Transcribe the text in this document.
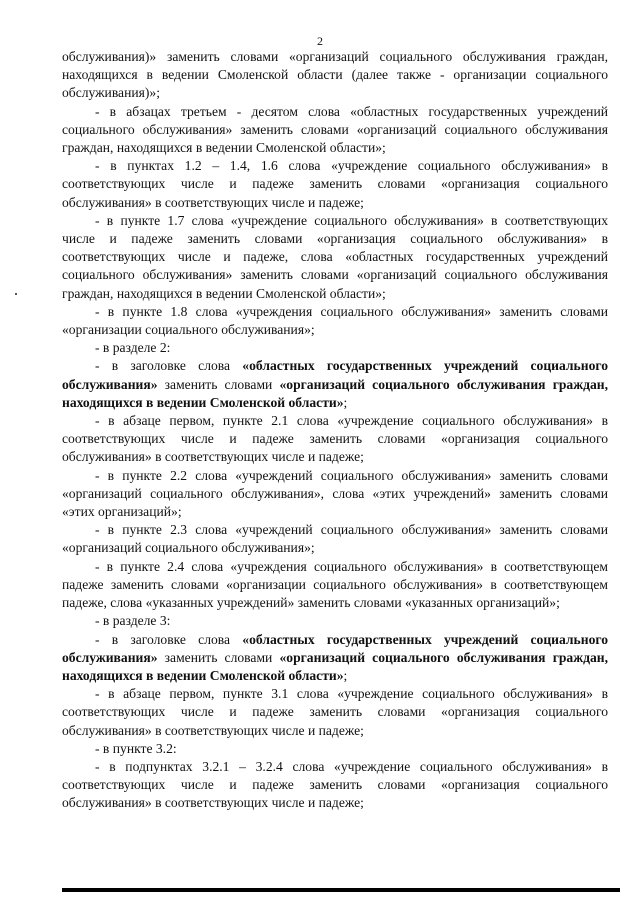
2

обслуживания)» заменить словами «организаций социального обслуживания граждан, находящихся в ведении Смоленской области (далее также - организации социального обслуживания)»;

- в абзацах третьем - десятом слова «областных государственных учреждений социального обслуживания» заменить словами «организаций социального обслуживания граждан, находящихся в ведении Смоленской области»;

- в пунктах 1.2 – 1.4, 1.6 слова «учреждение социального обслуживания» в соответствующих числе и падеже заменить словами «организация социального обслуживания» в соответствующих числе и падеже;

- в пункте 1.7 слова «учреждение социального обслуживания» в соответствующих числе и падеже заменить словами «организация социального обслуживания» в соответствующих числе и падеже, слова «областных государственных учреждений социального обслуживания» заменить словами «организаций социального обслуживания граждан, находящихся в ведении Смоленской области»;

- в пункте 1.8 слова «учреждения социального обслуживания» заменить словами «организации социального обслуживания»;

- в разделе 2:

- в заголовке слова «областных государственных учреждений социального обслуживания» заменить словами «организаций социального обслуживания граждан, находящихся в ведении Смоленской области»;

- в абзаце первом, пункте 2.1 слова «учреждение социального обслуживания» в соответствующих числе и падеже заменить словами «организация социального обслуживания» в соответствующих числе и падеже;

- в пункте 2.2 слова «учреждений социального обслуживания» заменить словами «организаций социального обслуживания», слова «этих учреждений» заменить словами «этих организаций»;

- в пункте 2.3 слова «учреждений социального обслуживания» заменить словами «организаций социального обслуживания»;

- в пункте 2.4 слова «учреждения социального обслуживания» в соответствующем падеже заменить словами «организации социального обслуживания» в соответствующем падеже, слова «указанных учреждений» заменить словами «указанных организаций»;

- в разделе 3:

- в заголовке слова «областных государственных учреждений социального обслуживания» заменить словами «организаций социального обслуживания граждан, находящихся в ведении Смоленской области»;

- в абзаце первом, пункте 3.1 слова «учреждение социального обслуживания» в соответствующих числе и падеже заменить словами «организация социального обслуживания» в соответствующих числе и падеже;

- в пункте 3.2:

- в подпунктах 3.2.1 – 3.2.4 слова «учреждение социального обслуживания» в соответствующих числе и падеже заменить словами «организация социального обслуживания» в соответствующих числе и падеже;
